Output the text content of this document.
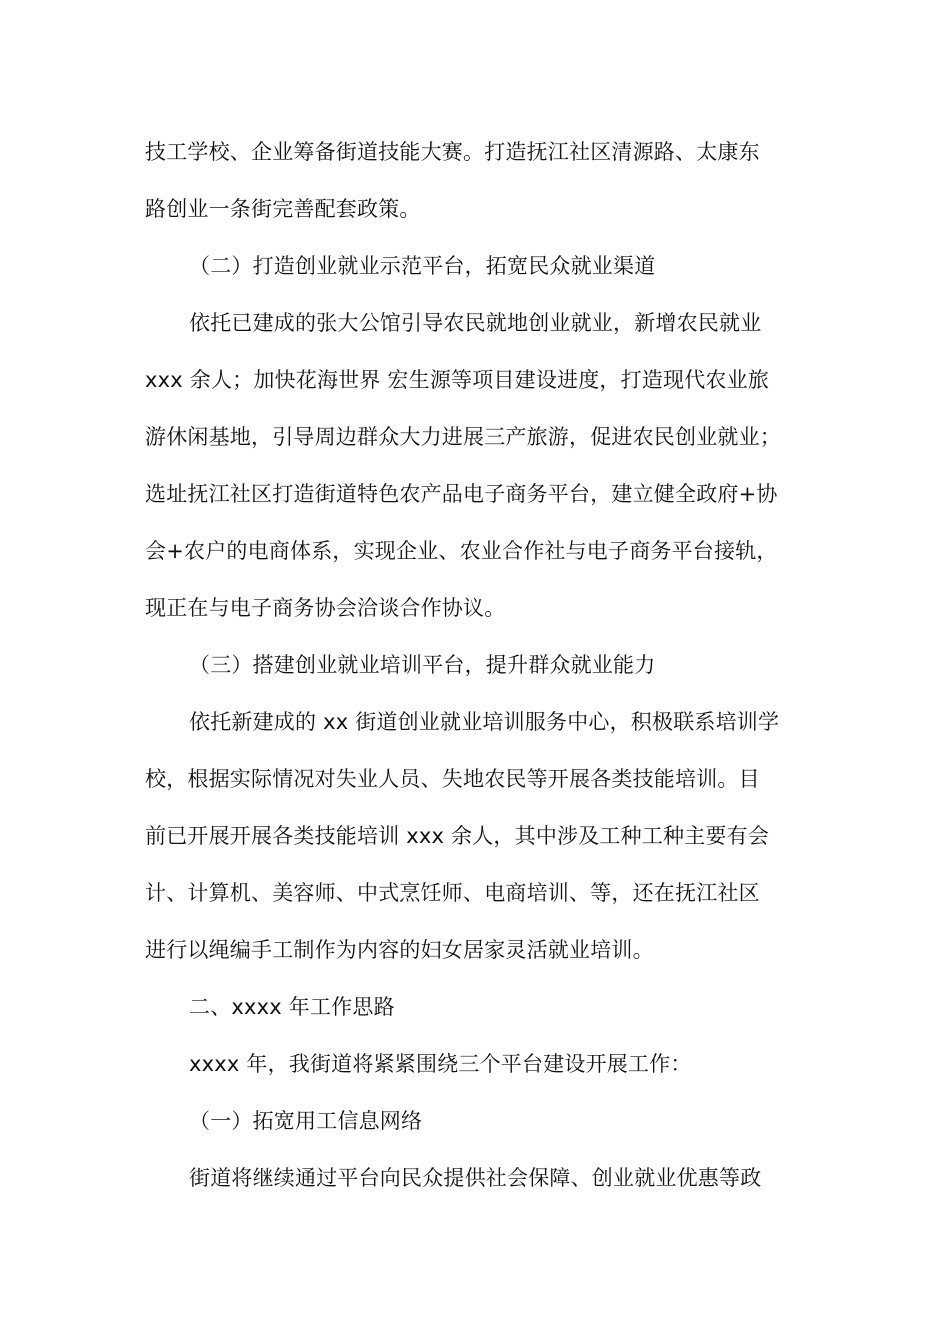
技工学校、企业筹备街道技能大赛。打造抚江社区清源路、太康东
路创业一条街完善配套政策。
（二）打造创业就业示范平台，拓宽民众就业渠道
依托已建成的张大公馆引导农民就地创业就业，新增农民就业
xxx 余人；加快花海世界 宏生源等项目建设进度，打造现代农业旅
游休闲基地，引导周边群众大力进展三产旅游，促进农民创业就业；
选址抚江社区打造街道特色农产品电子商务平台，建立健全政府+协
会+农户的电商体系，实现企业、农业合作社与电子商务平台接轨，
现正在与电子商务协会洽谈合作协议。
（三）搭建创业就业培训平台，提升群众就业能力
依托新建成的 xx 街道创业就业培训服务中心，积极联系培训学
校，根据实际情况对失业人员、失地农民等开展各类技能培训。目
前已开展开展各类技能培训 xxx 余人，其中涉及工种工种主要有会
计、计算机、美容师、中式烹饪师、电商培训、等，还在抚江社区
进行以绳编手工制作为内容的妇女居家灵活就业培训。
二、xxxx 年工作思路
xxxx 年，我街道将紧紧围绕三个平台建设开展工作：
（一）拓宽用工信息网络
街道将继续通过平台向民众提供社会保障、创业就业优惠等政
